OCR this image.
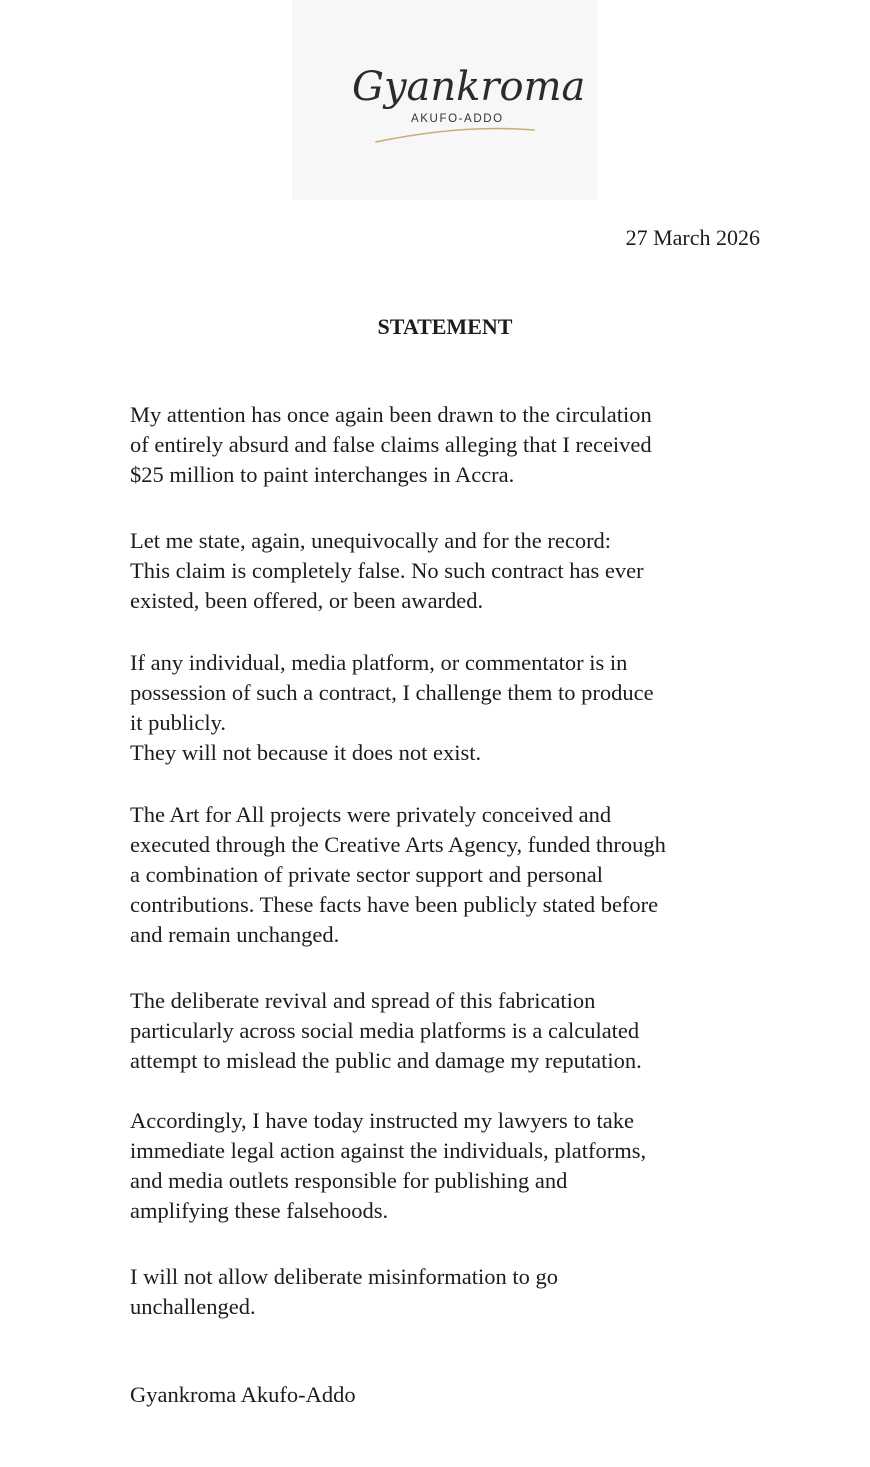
Gyankroma
AKUFO-ADDO
27 March 2026
STATEMENT

My attention has once again been drawn to the circulation
of entirely absurd and false claims alleging that I received
$25 million to paint interchanges in Accra.

Let me state, again, unequivocally and for the record:
This claim is completely false. No such contract has ever
existed, been offered, or been awarded.

If any individual, media platform, or commentator is in
possession of such a contract, I challenge them to produce
it publicly.
They will not because it does not exist.

The Art for All projects were privately conceived and
executed through the Creative Arts Agency, funded through
a combination of private sector support and personal
contributions. These facts have been publicly stated before
and remain unchanged.

The deliberate revival and spread of this fabrication
particularly across social media platforms is a calculated
attempt to mislead the public and damage my reputation.

Accordingly, I have today instructed my lawyers to take
immediate legal action against the individuals, platforms,
and media outlets responsible for publishing and
amplifying these falsehoods.

I will not allow deliberate misinformation to go
unchallenged.

Gyankroma Akufo-Addo
